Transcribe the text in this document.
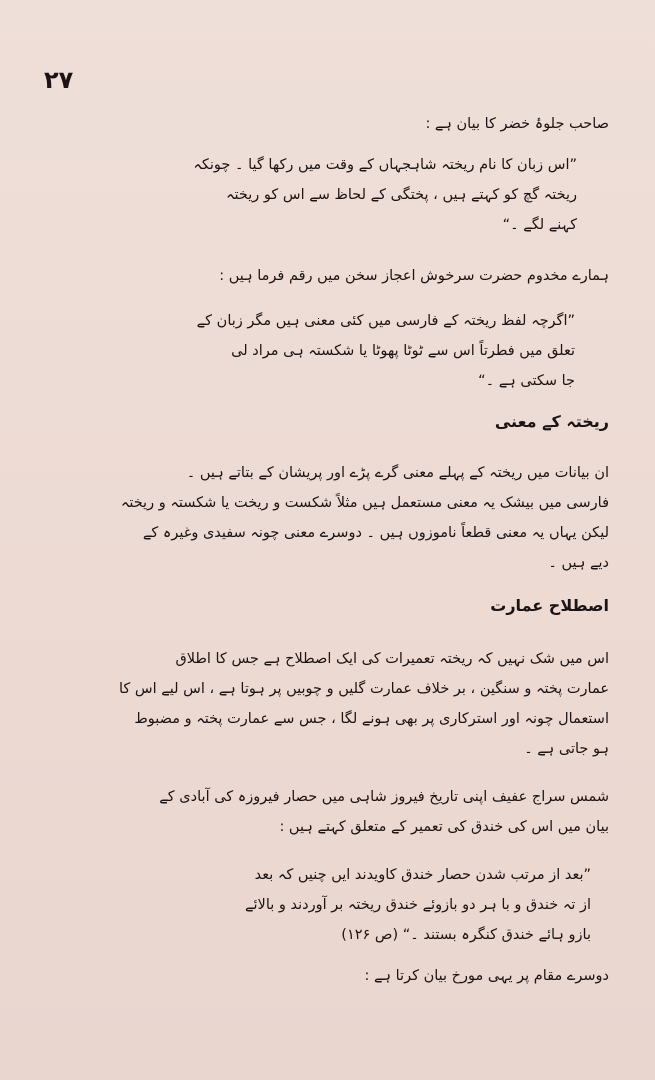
۲۷
صاحب جلوۂ خضر کا بیان ہے :
”اس زبان کا نام ریختہ شاہجہاں کے وقت میں رکھا گیا ۔ چونکہ
ریختہ گچ کو کہتے ہیں ، پختگی کے لحاظ سے اس کو ریختہ
کہنے لگے ۔“
ہمارے مخدوم حضرت سرخوش اعجاز سخن میں رقم فرما ہیں :
”اگرچہ لفظ ریختہ کے فارسی میں کئی معنی ہیں مگر زبان کے
تعلق میں فطرتاً اس سے ٹوٹا پھوٹا یا شکستہ ہی مراد لی
جا سکتی ہے ۔“
ریختہ کے معنی
ان بیانات میں ریختہ کے پہلے معنی گرے پڑے اور پریشان کے بتاتے ہیں ۔
فارسی میں بیشک یہ معنی مستعمل ہیں مثلاً شکست و ریخت یا شکستہ و ریختہ
لیکن یہاں یہ معنی قطعاً ناموزوں ہیں ۔ دوسرے معنی چونہ سفیدی وغیرہ کے
دیے ہیں ۔
اصطلاح عمارت
اس میں شک نہیں کہ ریختہ تعمیرات کی ایک اصطلاح ہے جس کا اطلاق
عمارت پختہ و سنگین ، بر خلاف عمارت گلیں و چوبیں پر ہوتا ہے ، اس لیے اس کا
استعمال چونہ اور استرکاری پر بھی ہونے لگا ، جس سے عمارت پختہ و مضبوط
ہو جاتی ہے ۔
شمس سراج عفیف اپنی تاریخ فیروز شاہی میں حصار فیروزہ کی آبادی کے
بیان میں اس کی خندق کی تعمیر کے متعلق کہتے ہیں :
”بعد از مرتب شدن حصار خندق کاویدند ایں چنیں کہ بعد
از تہ خندق و با ہر دو بازوئے خندق ریختہ بر آوردند و بالائے
بازو ہائے خندق کنگرہ بستند ۔“ (ص ۱۲۶)
دوسرے مقام پر یہی مورخ بیان کرتا ہے :
